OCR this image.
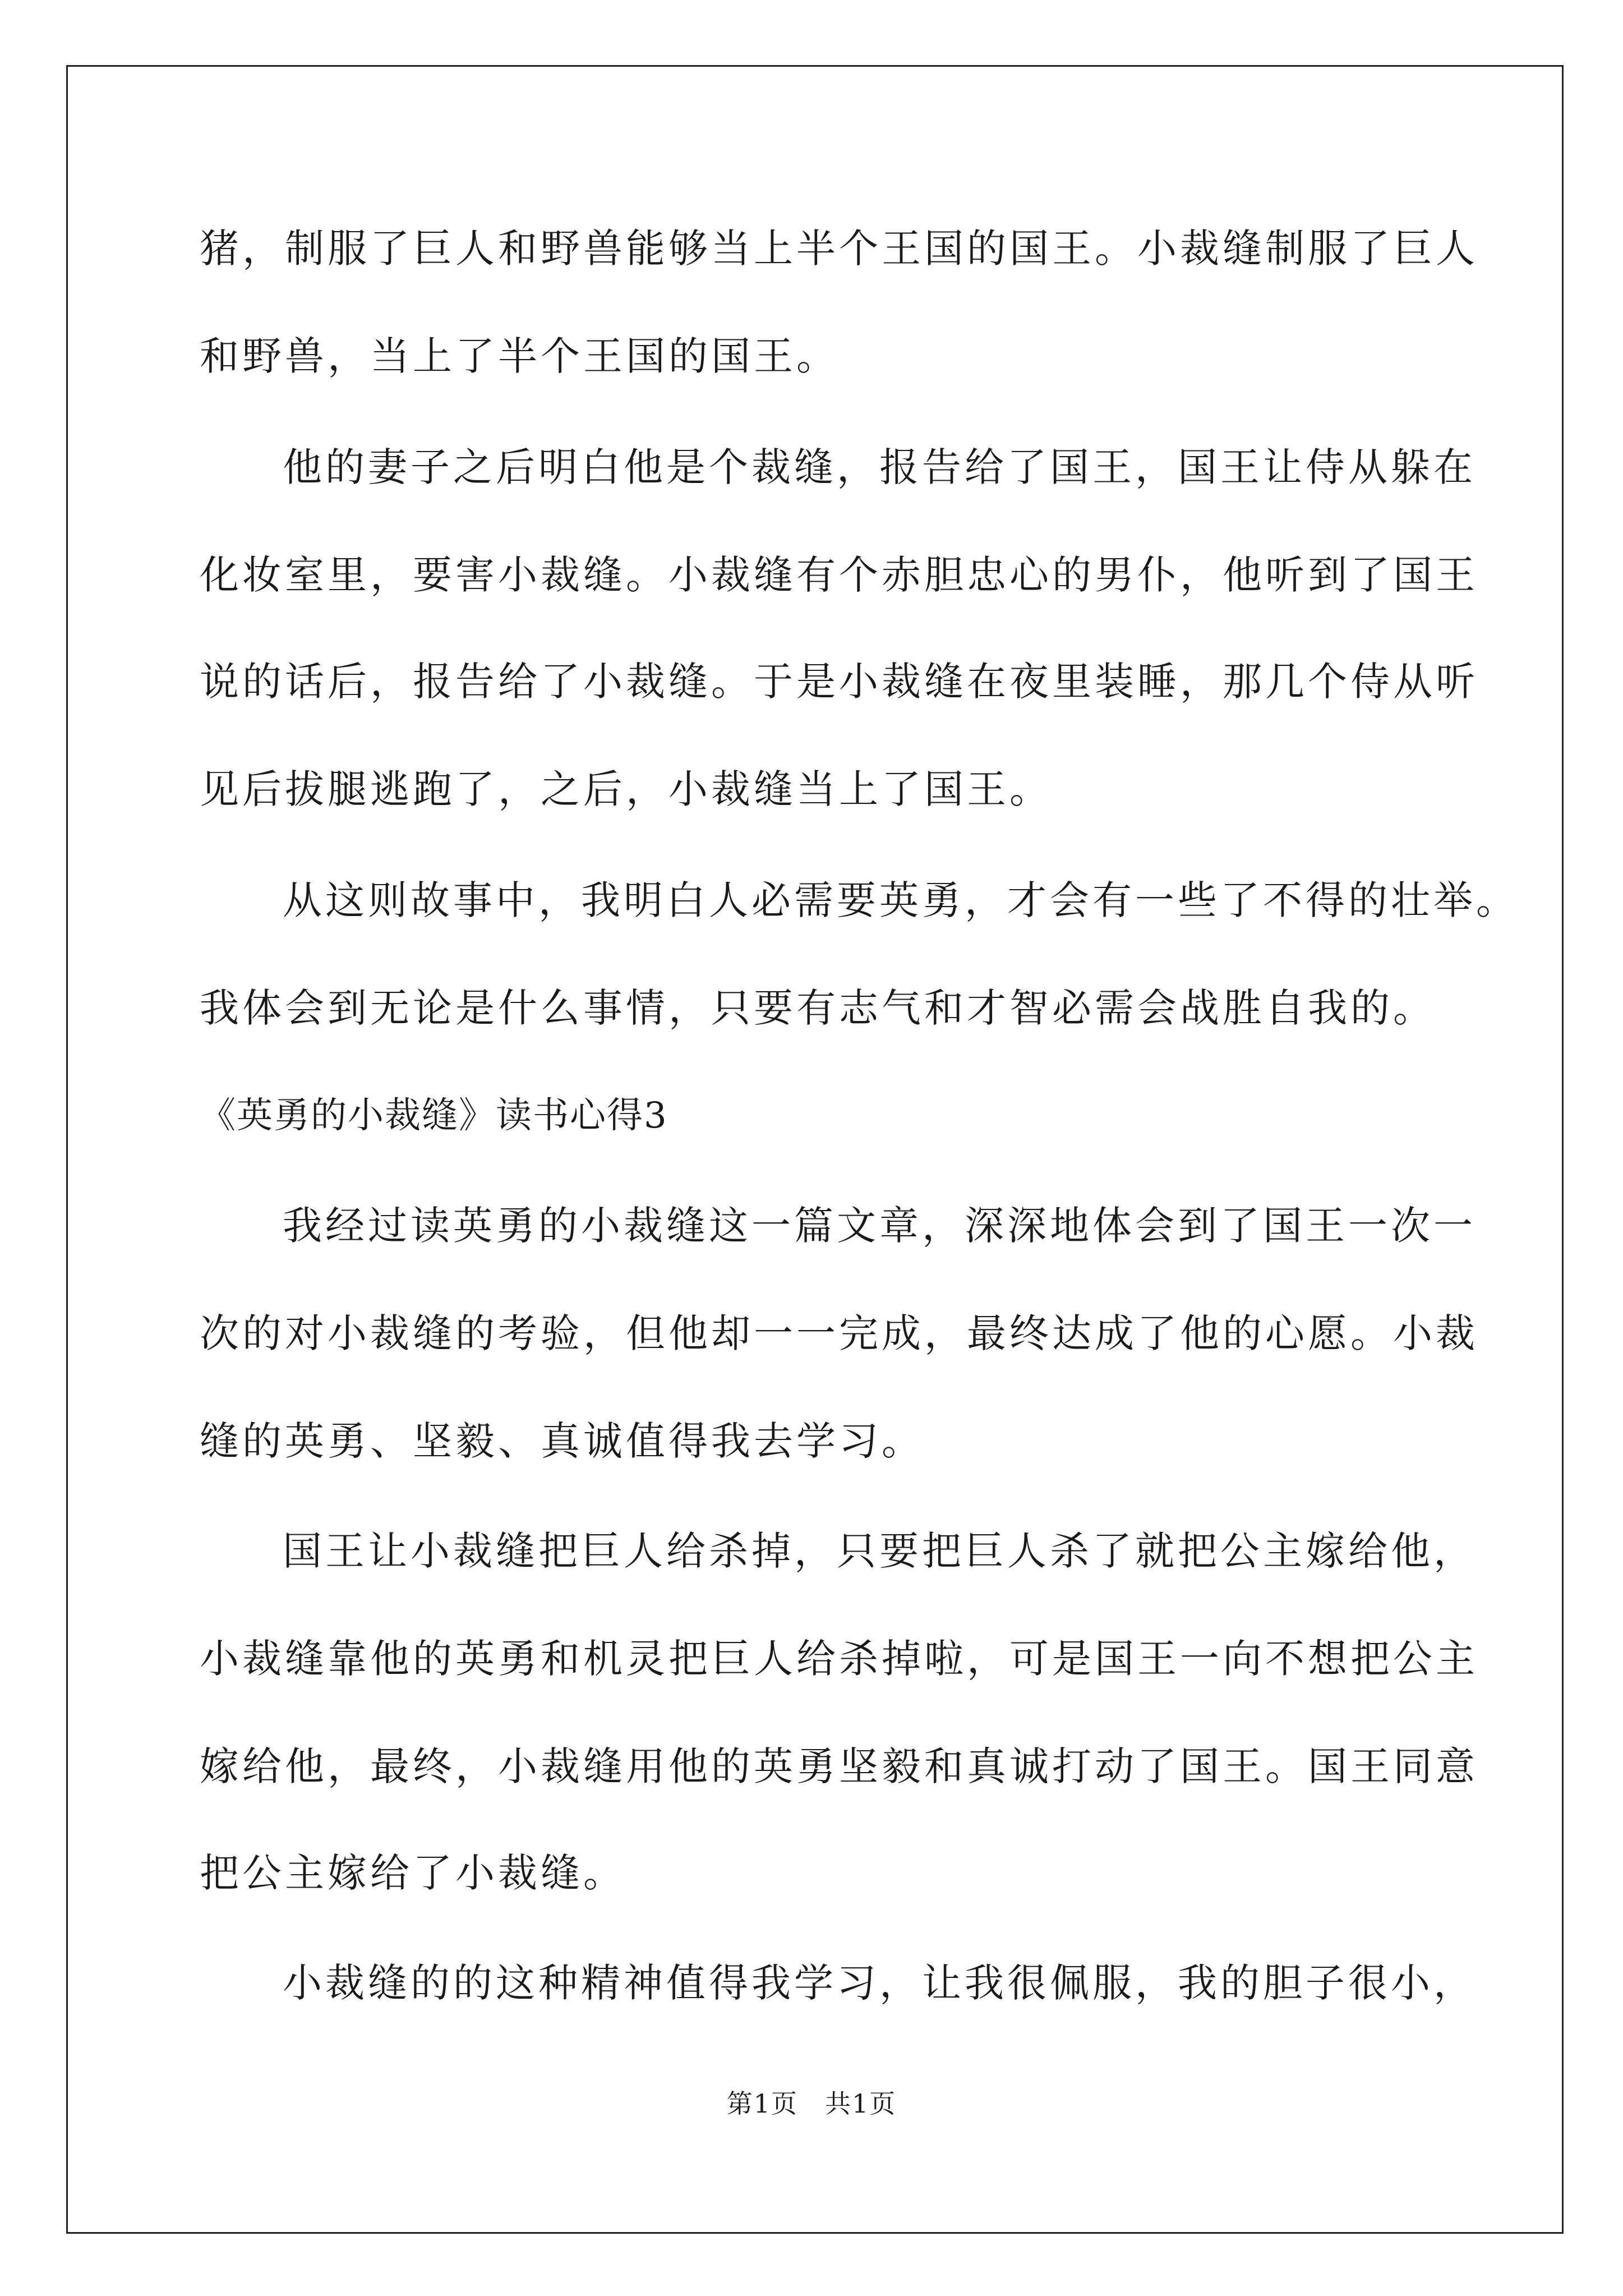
猪，制服了巨人和野兽能够当上半个王国的国王。小裁缝制服了巨人
和野兽，当上了半个王国的国王。
他的妻子之后明白他是个裁缝，报告给了国王，国王让侍从躲在
化妆室里，要害小裁缝。小裁缝有个赤胆忠心的男仆，他听到了国王
说的话后，报告给了小裁缝。于是小裁缝在夜里装睡，那几个侍从听
见后拔腿逃跑了，之后，小裁缝当上了国王。
从这则故事中，我明白人必需要英勇，才会有一些了不得的壮举。
我体会到无论是什么事情，只要有志气和才智必需会战胜自我的。
《英勇的小裁缝》读书心得3
我经过读英勇的小裁缝这一篇文章，深深地体会到了国王一次一
次的对小裁缝的考验，但他却一一完成，最终达成了他的心愿。小裁
缝的英勇、坚毅、真诚值得我去学习。
国王让小裁缝把巨人给杀掉，只要把巨人杀了就把公主嫁给他，
小裁缝靠他的英勇和机灵把巨人给杀掉啦，可是国王一向不想把公主
嫁给他，最终，小裁缝用他的英勇坚毅和真诚打动了国王。国王同意
把公主嫁给了小裁缝。
小裁缝的的这种精神值得我学习，让我很佩服，我的胆子很小，
第1页　共1页
